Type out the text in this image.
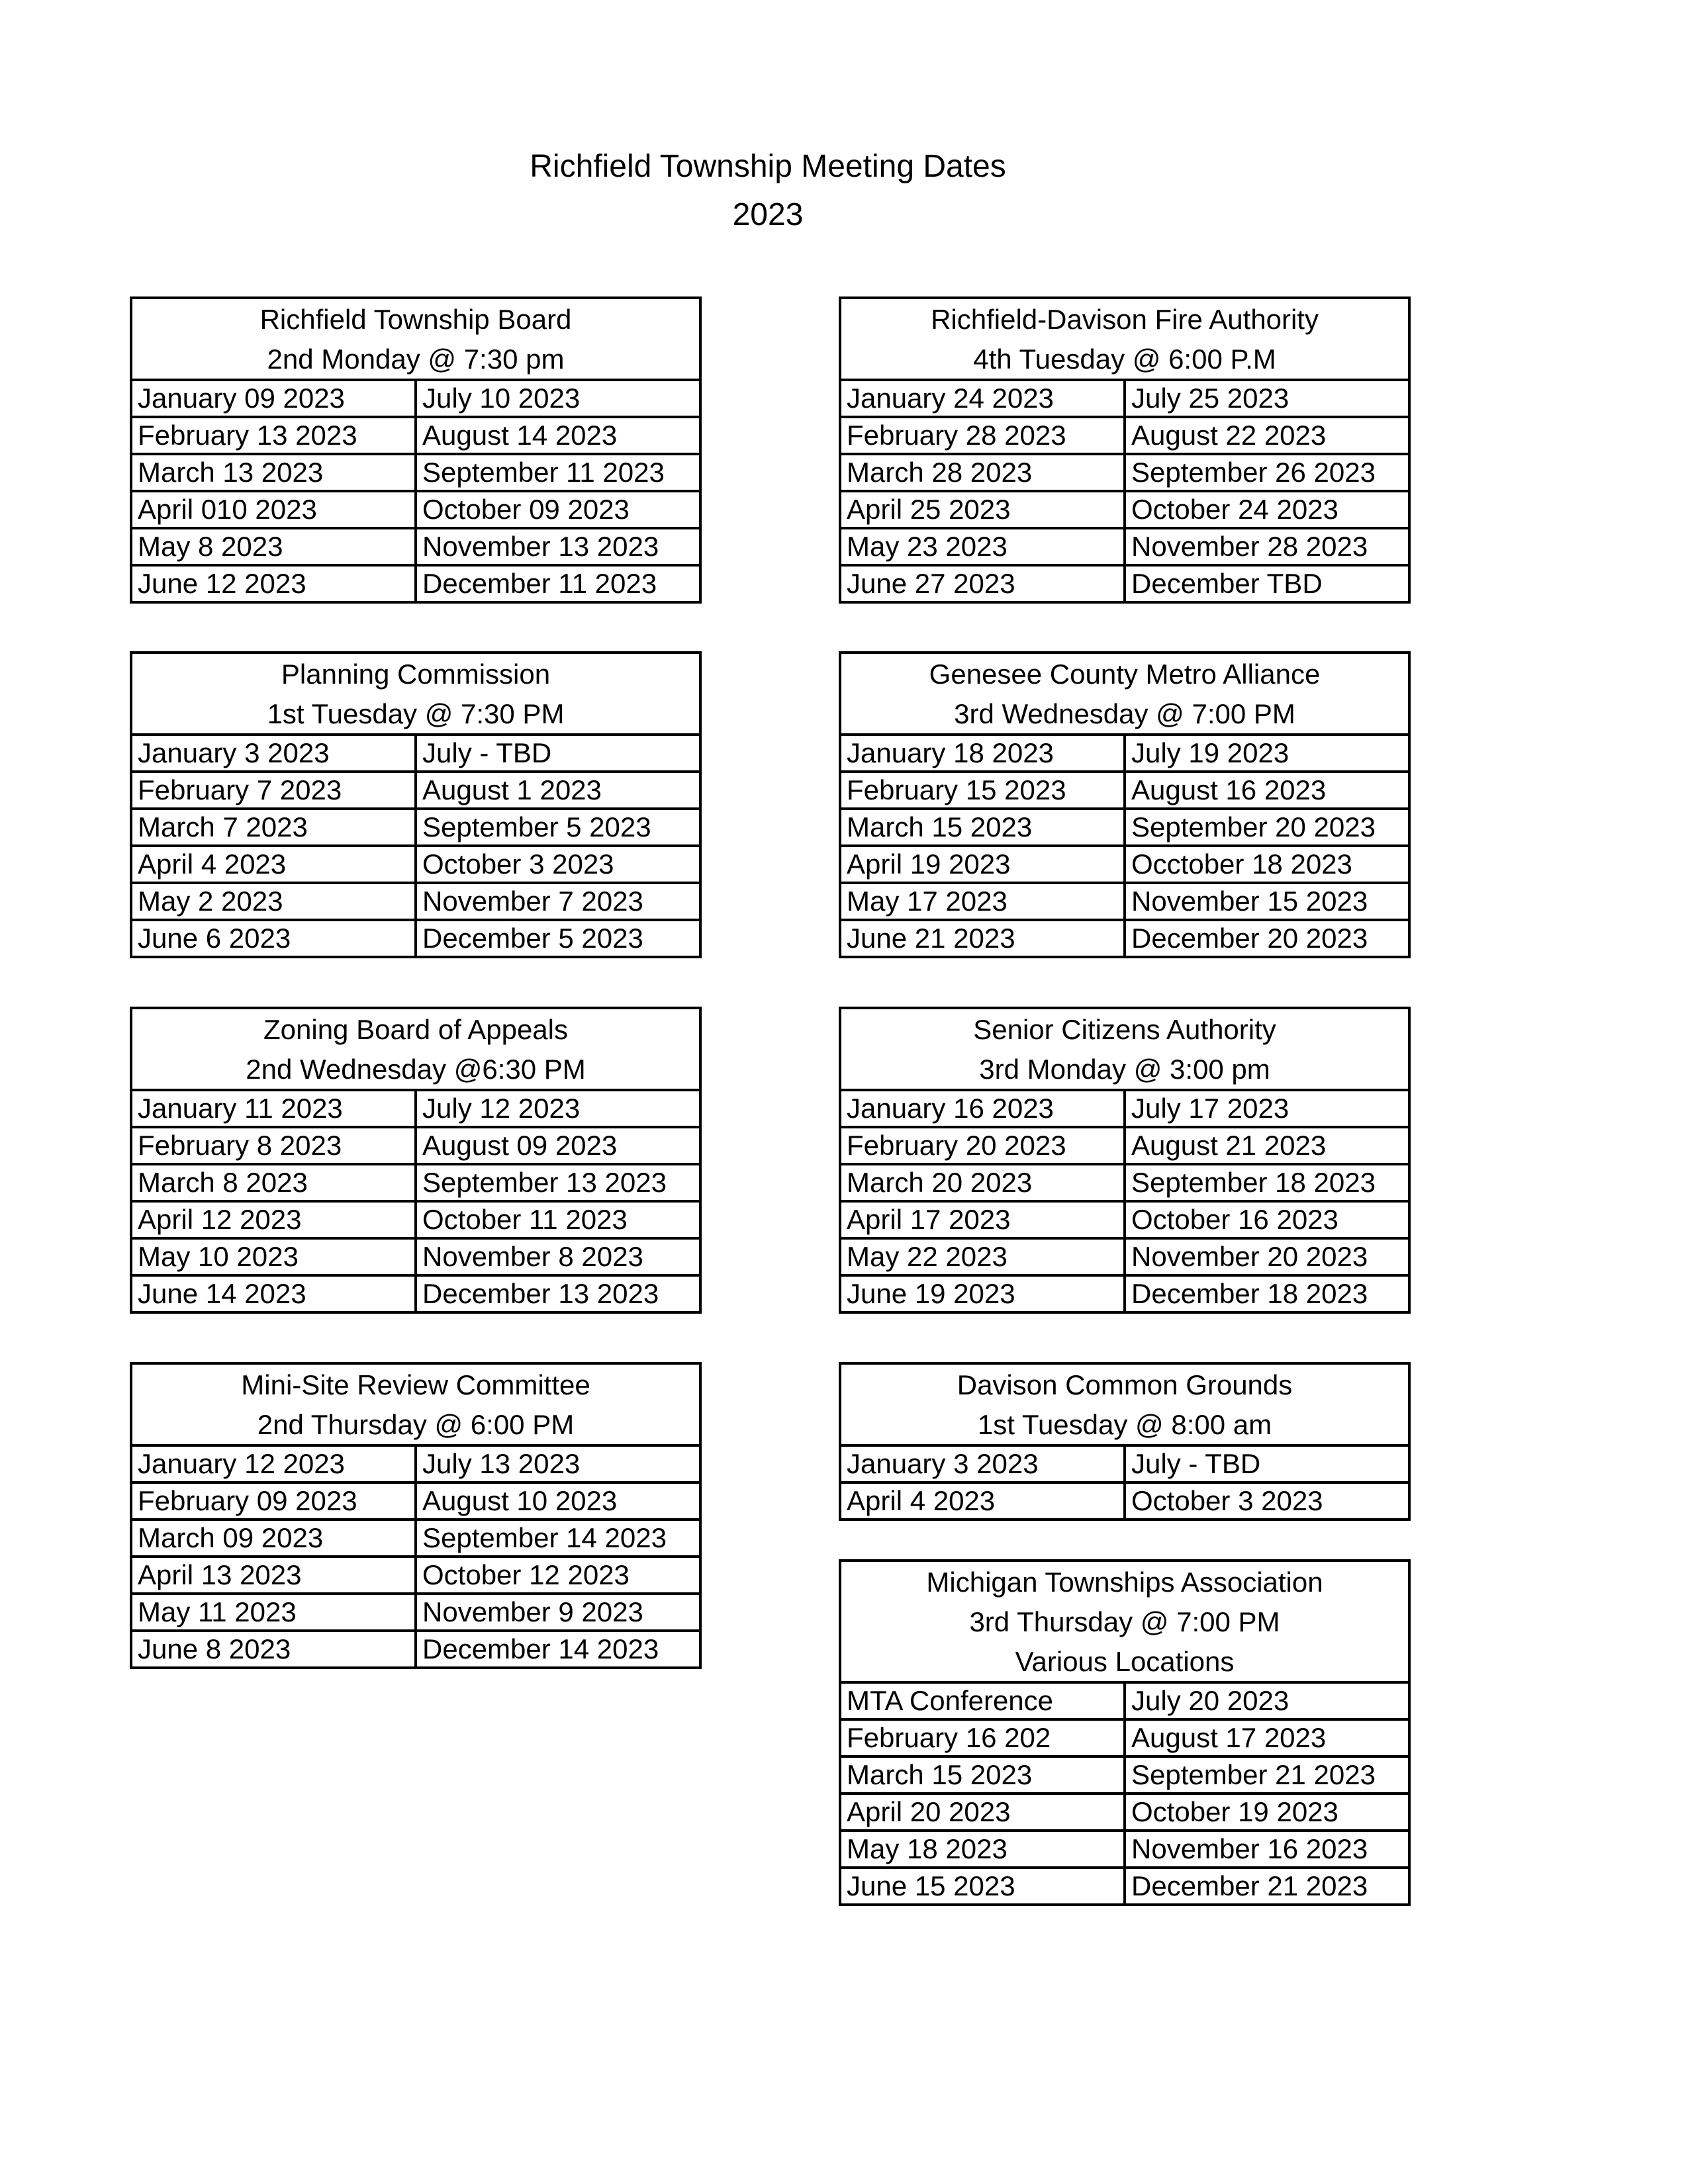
Richfield Township Meeting Dates
2023
Richfield Township Board
2nd Monday @ 7:30 pm	

January 09 2023	July 10 2023
February 13 2023	August 14 2023
March 13 2023	September 11 2023
April 010 2023	October 09 2023
May 8 2023	November 13 2023
June 12 2023	December 11 2023
Planning Commission
1st Tuesday @ 7:30 PM	

January 3 2023	July - TBD
February 7 2023	August 1 2023
March 7 2023	September 5 2023
April 4 2023	October 3 2023
May 2 2023	November 7 2023
June 6 2023	December 5 2023
Zoning Board of Appeals
2nd Wednesday @6:30 PM	

January 11 2023	July 12 2023
February 8 2023	August 09 2023
March 8 2023	September 13 2023
April 12 2023	October 11 2023
May 10 2023	November 8 2023
June 14 2023	December 13 2023
Mini-Site Review Committee
2nd Thursday @ 6:00 PM	

January 12 2023	July 13 2023
February 09 2023	August 10 2023
March 09 2023	September 14 2023
April 13 2023	October 12 2023
May 11 2023	November 9 2023
June 8 2023	December 14 2023
Richfield-Davison Fire Authority
4th Tuesday @ 6:00 P.M	

January 24 2023	July 25 2023
February 28 2023	August 22 2023
March 28 2023	September 26 2023
April 25 2023	October 24 2023
May 23 2023	November 28 2023
June 27 2023	December TBD
Genesee County Metro Alliance
3rd Wednesday @ 7:00 PM	

January 18 2023	July 19 2023
February 15 2023	August 16 2023
March 15 2023	September 20 2023
April 19 2023	Occtober 18 2023
May 17 2023	November 15 2023
June 21 2023	December 20 2023
Senior Citizens Authority
3rd Monday @ 3:00 pm	

January 16 2023	July 17 2023
February 20 2023	August 21 2023
March 20 2023	September 18 2023
April 17 2023	October 16 2023
May 22 2023	November 20 2023
June 19 2023	December 18 2023
Davison Common Grounds
1st Tuesday @ 8:00 am	

January 3 2023	July - TBD
April 4 2023	October 3 2023
Michigan Townships Association
3rd Thursday @ 7:00 PM
Various Locations	

MTA Conference	July 20 2023
February 16 202	August 17 2023
March 15 2023	September 21 2023
April 20 2023	October 19 2023
May 18 2023	November 16 2023
June 15 2023	December 21 2023
